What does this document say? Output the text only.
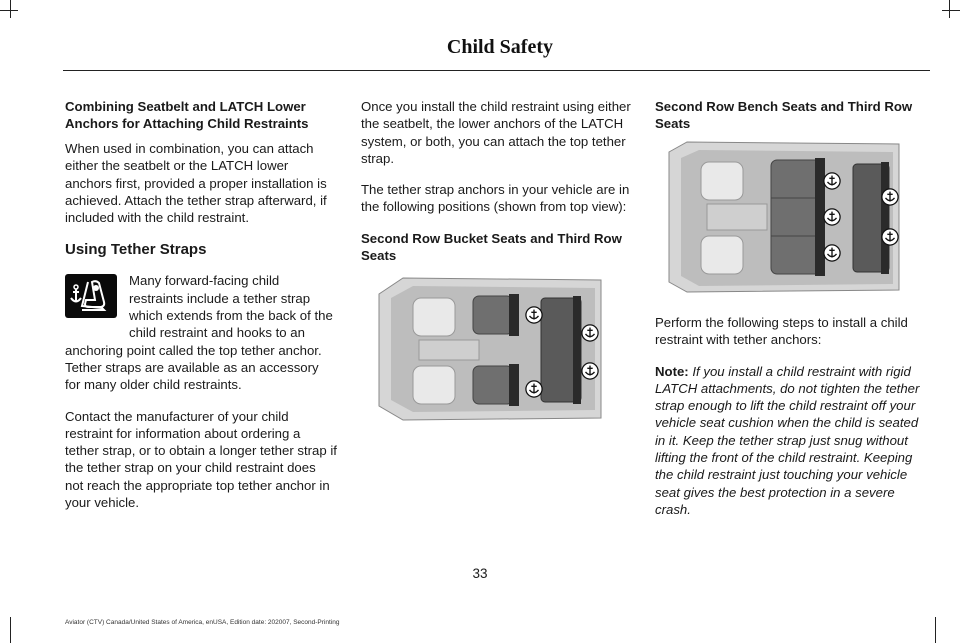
Child Safety
Combining Seatbelt and LATCH Lower Anchors for Attaching Child Restraints

When used in combination, you can attach either the seatbelt or the LATCH lower anchors first, provided a proper installation is achieved. Attach the tether strap afterward, if included with the child restraint.

Using Tether Straps

Many forward-facing child restraints include a tether strap which extends from the back of the child restraint and hooks to an anchoring point called the top tether anchor. Tether straps are available as an accessory for many older child restraints.

Contact the manufacturer of your child restraint for information about ordering a tether strap, or to obtain a longer tether strap if the tether strap on your child restraint does not reach the appropriate top tether anchor in your vehicle.

Once you install the child restraint using either the seatbelt, the lower anchors of the LATCH system, or both, you can attach the top tether strap.

The tether strap anchors in your vehicle are in the following positions (shown from top view):

Second Row Bucket Seats and Third Row Seats
Second Row Bench Seats and Third Row Seats

Perform the following steps to install a child restraint with tether anchors:

Note: If you install a child restraint with rigid LATCH attachments, do not tighten the tether strap enough to lift the child restraint off your vehicle seat cushion when the child is seated in it. Keep the tether strap just snug without lifting the front of the child restraint. Keeping the child restraint just touching your vehicle seat gives the best protection in a severe crash.

33
Aviator (CTV) Canada/United States of America, enUSA, Edition date: 202007, Second-Printing
